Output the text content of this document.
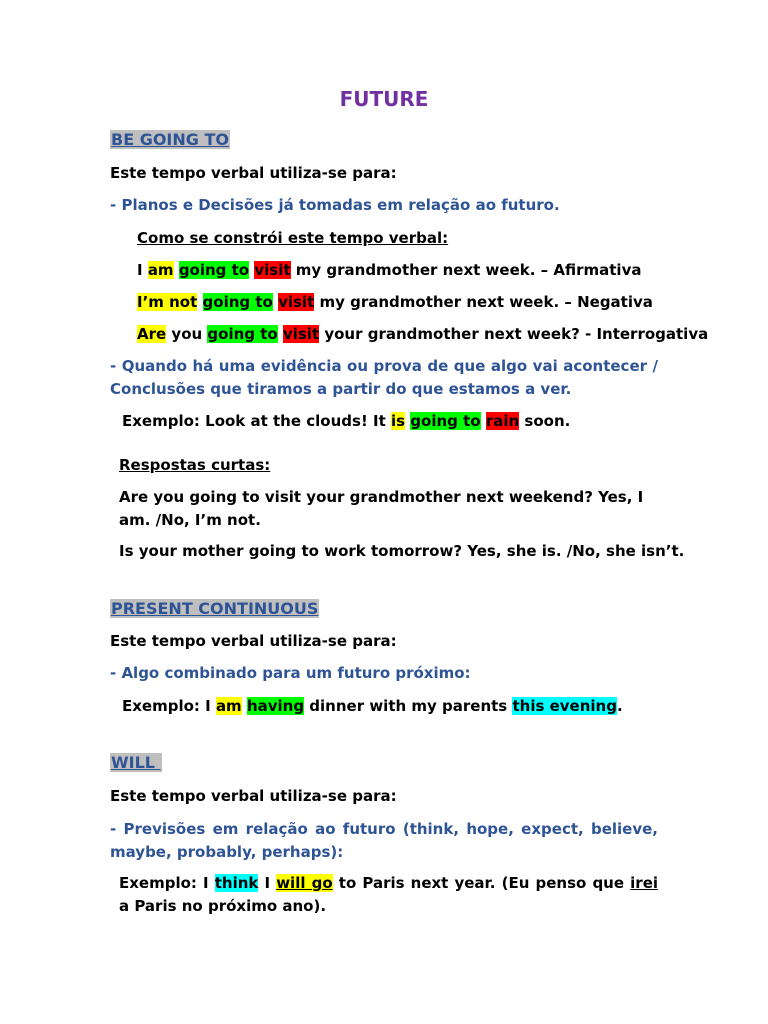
FUTURE
BE GOING TO
Este tempo verbal utiliza-se para:
- Planos e Decisões já tomadas em relação ao futuro.
Como se constrói este tempo verbal:
I am going to visit my grandmother next week. – Afirmativa
I’m not going to visit my grandmother next week. – Negativa
Are you going to visit your grandmother next week? - Interrogativa
- Quando há uma evidência ou prova de que algo vai acontecer / Conclusões que tiramos a partir do que estamos a ver.
Exemplo: Look at the clouds! It is going to rain soon.
Respostas curtas:
Are you going to visit your grandmother next weekend? Yes, I am. /No, I’m not.
Is your mother going to work tomorrow? Yes, she is. /No, she isn’t.
PRESENT CONTINUOUS
Este tempo verbal utiliza-se para:
- Algo combinado para um futuro próximo:
Exemplo: I am having dinner with my parents this evening.
WILL
Este tempo verbal utiliza-se para:
- Previsões em relação ao futuro (think, hope, expect, believe, maybe, probably, perhaps):
Exemplo: I think I will go to Paris next year. (Eu penso que irei a Paris no próximo ano).
